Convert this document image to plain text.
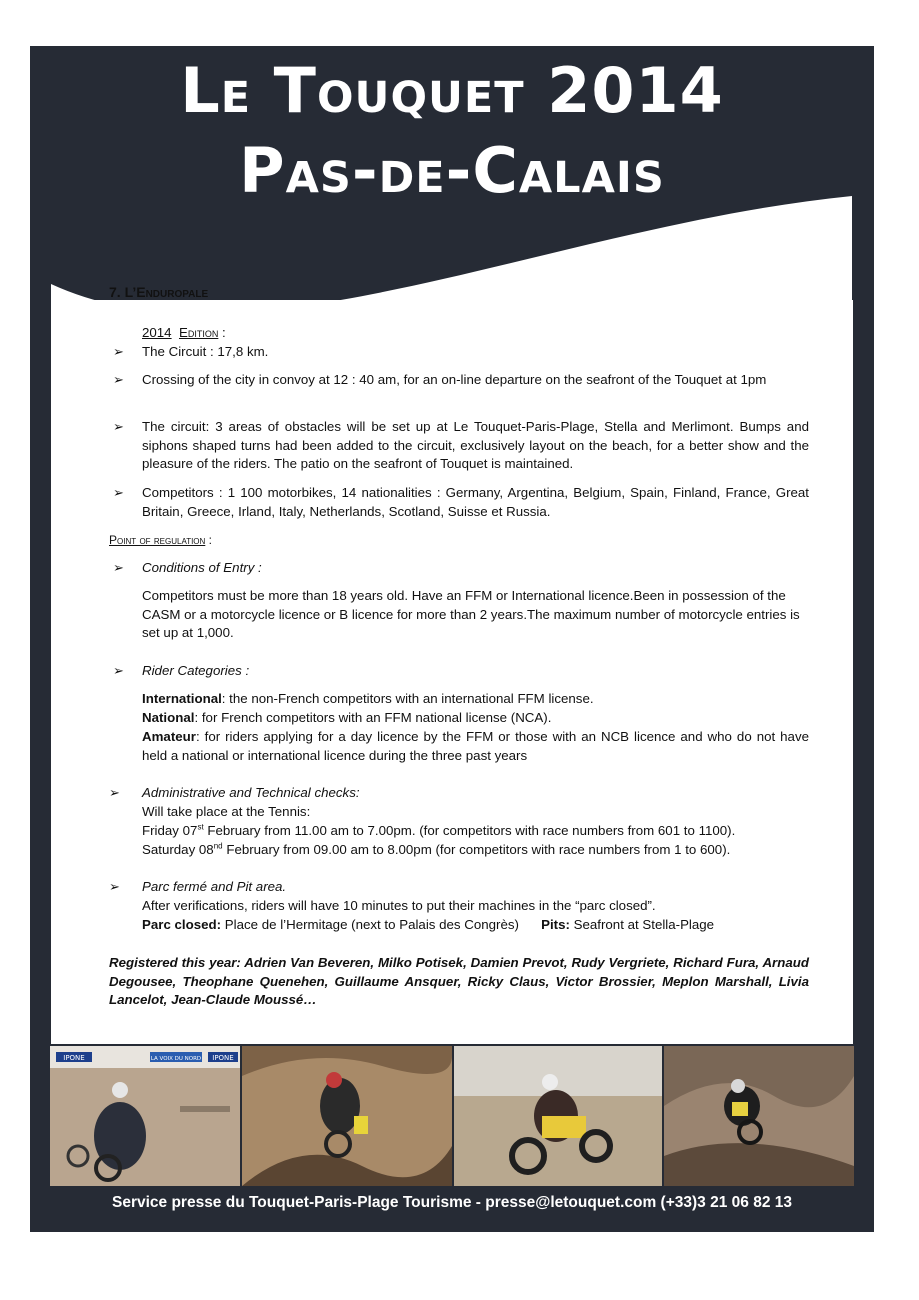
Le Touquet 2014
Pas-de-Calais
7. L’Enduropale
2014 Edition :
➢ The Circuit : 17,8 km.
➢ Crossing of the city in convoy at 12 : 40 am, for an on-line departure on the seafront of the Touquet at 1pm
➢ The circuit: 3 areas of obstacles will be set up at Le Touquet-Paris-Plage, Stella and Merlimont. Bumps and siphons shaped turns had been added to the circuit, exclusively layout on the beach, for a better show and the pleasure of the riders. The patio on the seafront of Touquet is maintained.
➢ Competitors : 1 100 motorbikes, 14 nationalities : Germany, Argentina, Belgium, Spain, Finland, France, Great Britain, Greece, Irland, Italy, Netherlands, Scotland, Suisse et Russia.
Point of regulation :
➢ Conditions of Entry :
Competitors must be more than 18 years old. Have an FFM or International licence.Been in possession of the CASM or a motorcycle licence or B licence for more than 2 years.The maximum number of motorcycle entries is set up at 1,000.
➢ Rider Categories :
International: the non-French competitors with an international FFM license.
National: for French competitors with an FFM national license (NCA).
Amateur: for riders applying for a day licence by the FFM or those with an NCB licence and who do not have held a national or international licence during the three past years
➢ Administrative and Technical checks:
Will take place at the Tennis:
Friday 07st February from 11.00 am to 7.00pm. (for competitors with race numbers from 601 to 1100).
Saturday 08nd February from 09.00 am to 8.00pm (for competitors with race numbers from 1 to 600).
➢ Parc fermé and Pit area.
After verifications, riders will have 10 minutes to put their machines in the “parc closed”.
Parc closed: Place de l’Hermitage (next to Palais des Congrès) Pits: Seafront at Stella-Plage
Registered this year: Adrien Van Beveren, Milko Potisek, Damien Prevot, Rudy Vergriete, Richard Fura, Arnaud Degousee, Theophane Quenehen, Guillaume Ansquer, Ricky Claus, Victor Brossier, Meplon Marshall, Livia Lancelot, Jean-Claude Moussé…
IPONE	LA VOIX DU NORD IPONE
Service presse du Touquet-Paris-Plage Tourisme - presse@letouquet.com (+33)3 21 06 82 13
